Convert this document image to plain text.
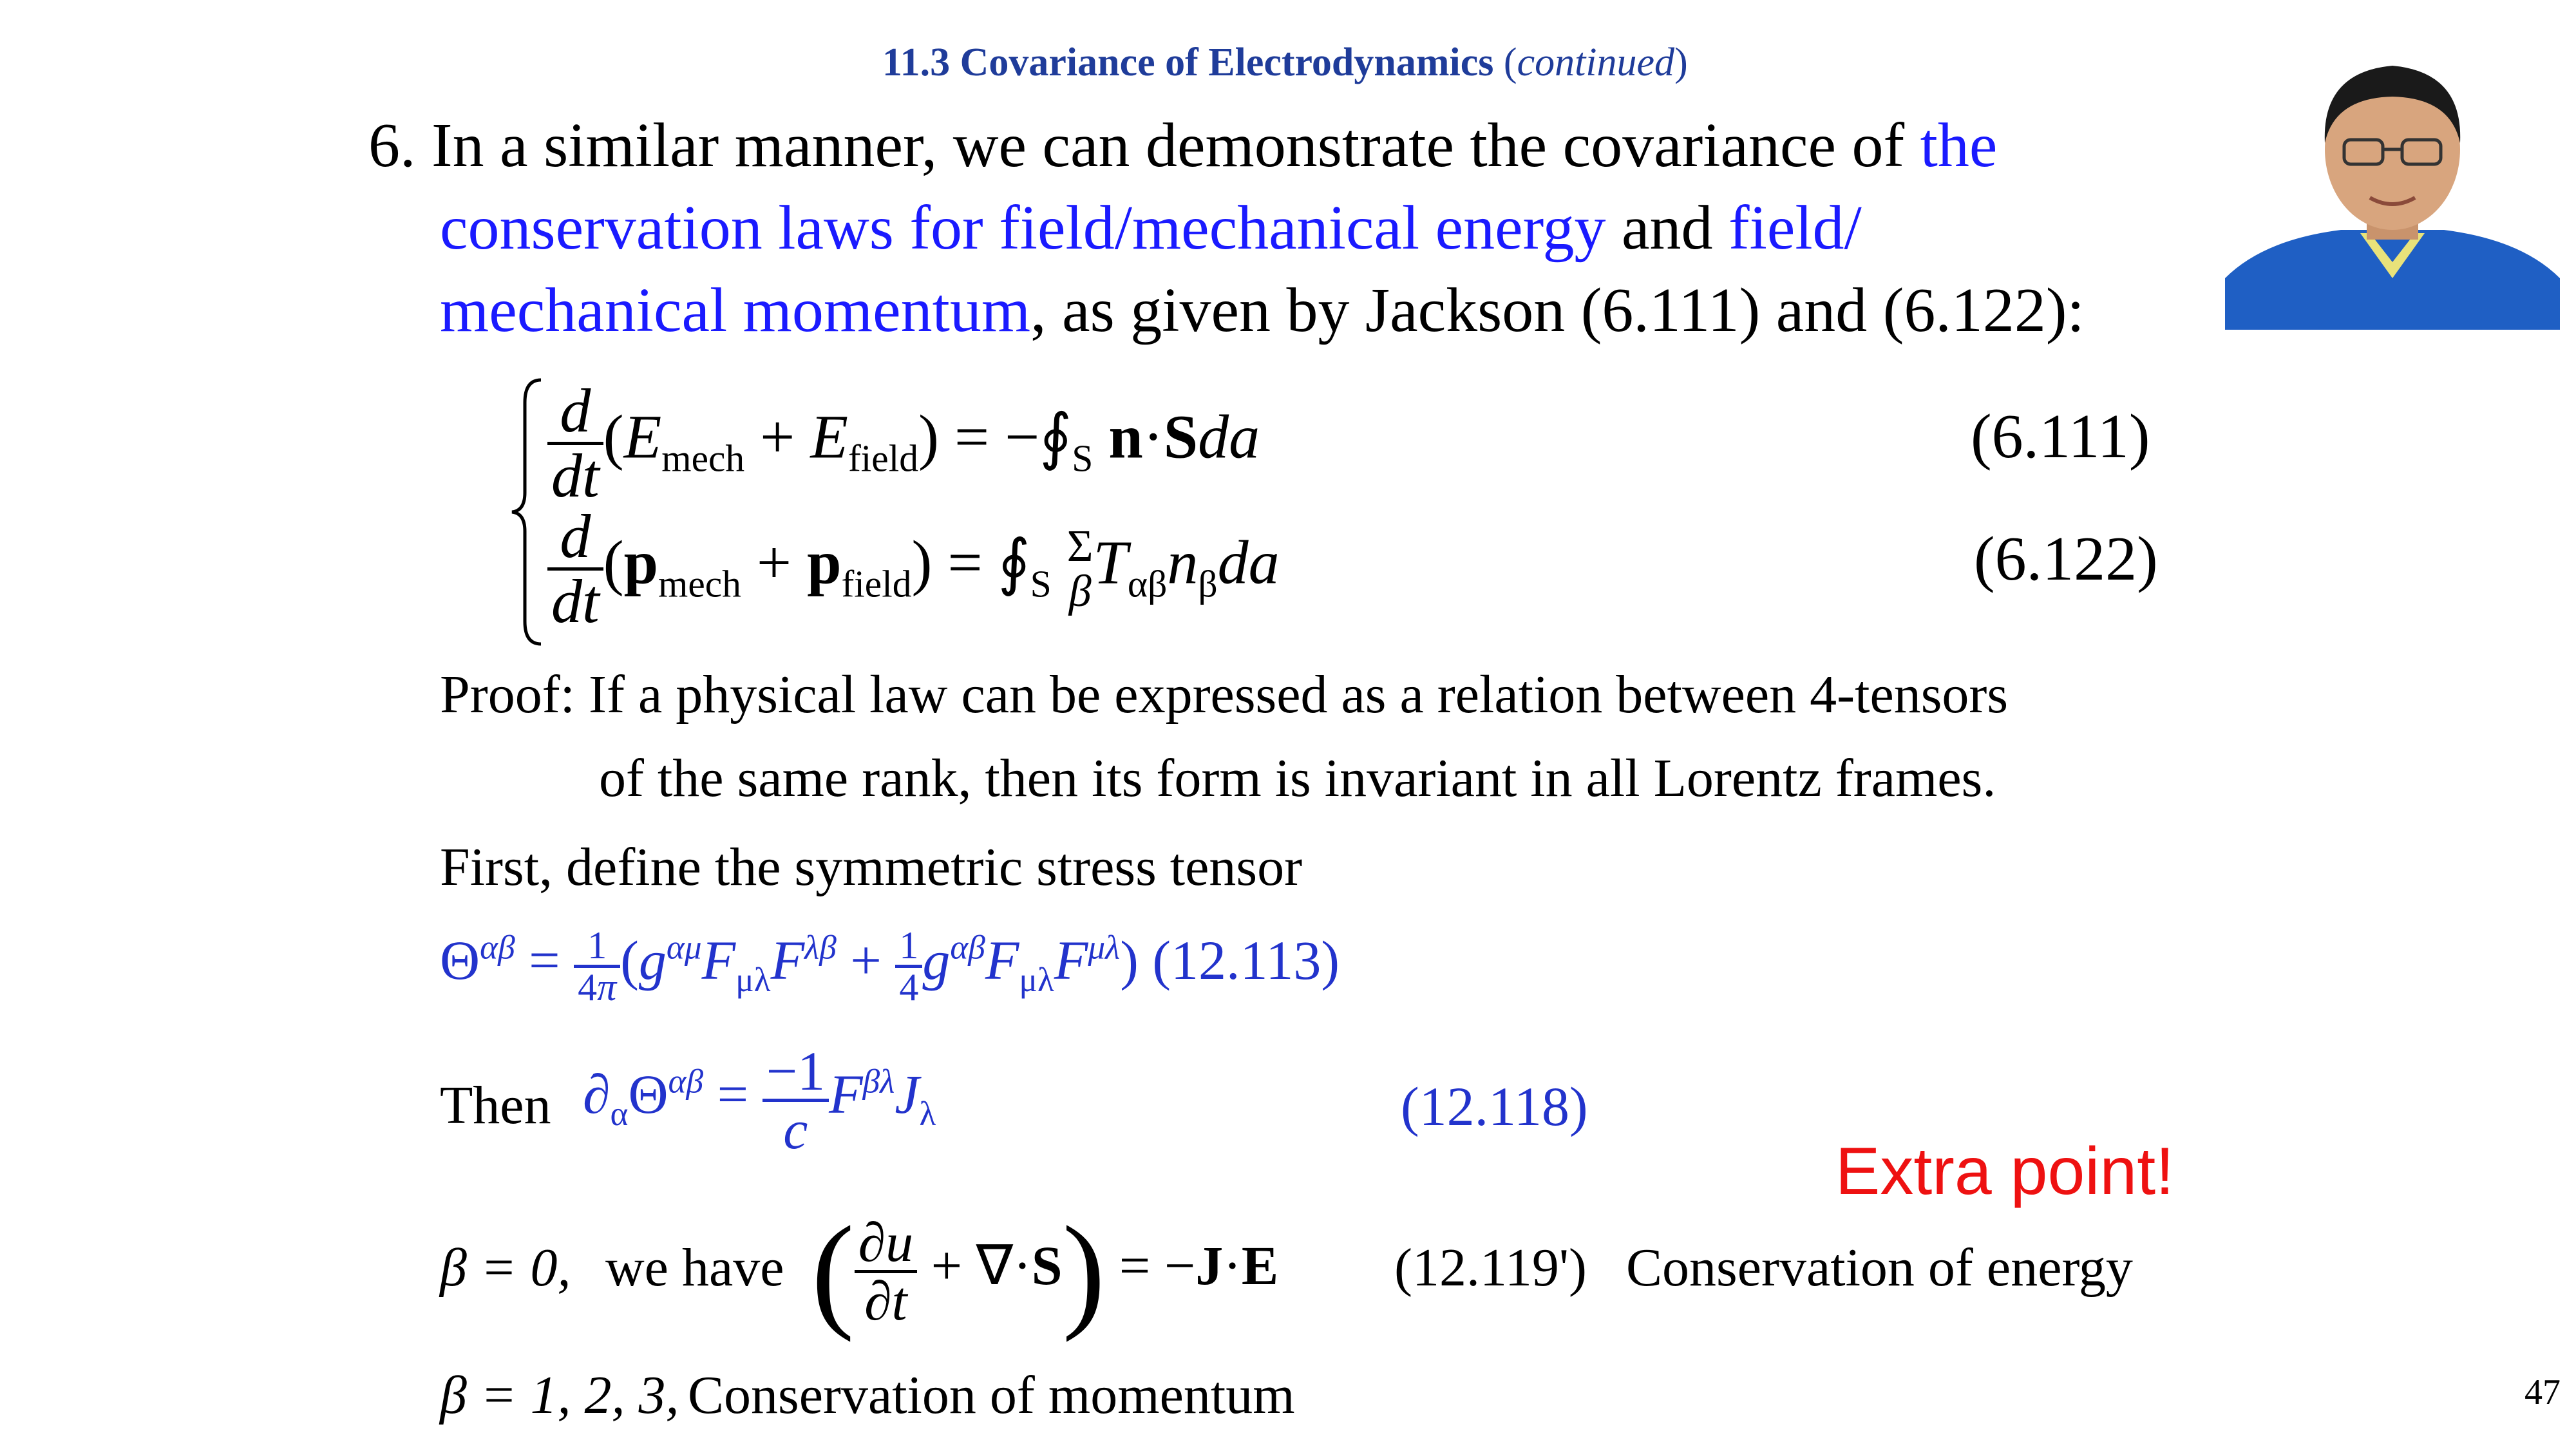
11.3 Covariance of Electrodynamics (continued)
6. In a similar manner, we can demonstrate the covariance of the
conservation laws for field/mechanical energy and field/
mechanical momentum, as given by Jackson (6.111) and (6.122):
$\frac{d}{dt} (E_{mech} + E_{field})$ = $-∮_S$ n·Sda	(6.111)
$\frac{d}{dt} (p_{mech} + p_{field})$ = $∮_S$
Σ
β $T_{\alpha\beta}n_\beta da$	(6.122)
Proof: If a physical law can be expressed as a relation between 4-tensors
of the same rank, then its form is invariant in all Lorentz frames.
First, define the symmetric stress tensor
$\Theta^{\alpha\beta} = \frac{1}{4\pi} (g^{\alpha\mu}F_{\mu\lambda}F^{\lambda\beta} + \frac{1}{4} g^{\alpha\beta}F_{\mu\lambda}F^{\mu\lambda})$ (12.113)
Then $\partial_\alpha\Theta^{\alpha\beta} = \frac{-1}{c} F^{\beta\lambda}J_\lambda$	(12.118)
Extra point!
β = 0, we have ( $\frac{\partial u}{\partial t} + \nabla\cdot S) = -J\cdot E$ (12.119') Conservation of energy
β = 1, 2, 3, Conservation of momentum	47
